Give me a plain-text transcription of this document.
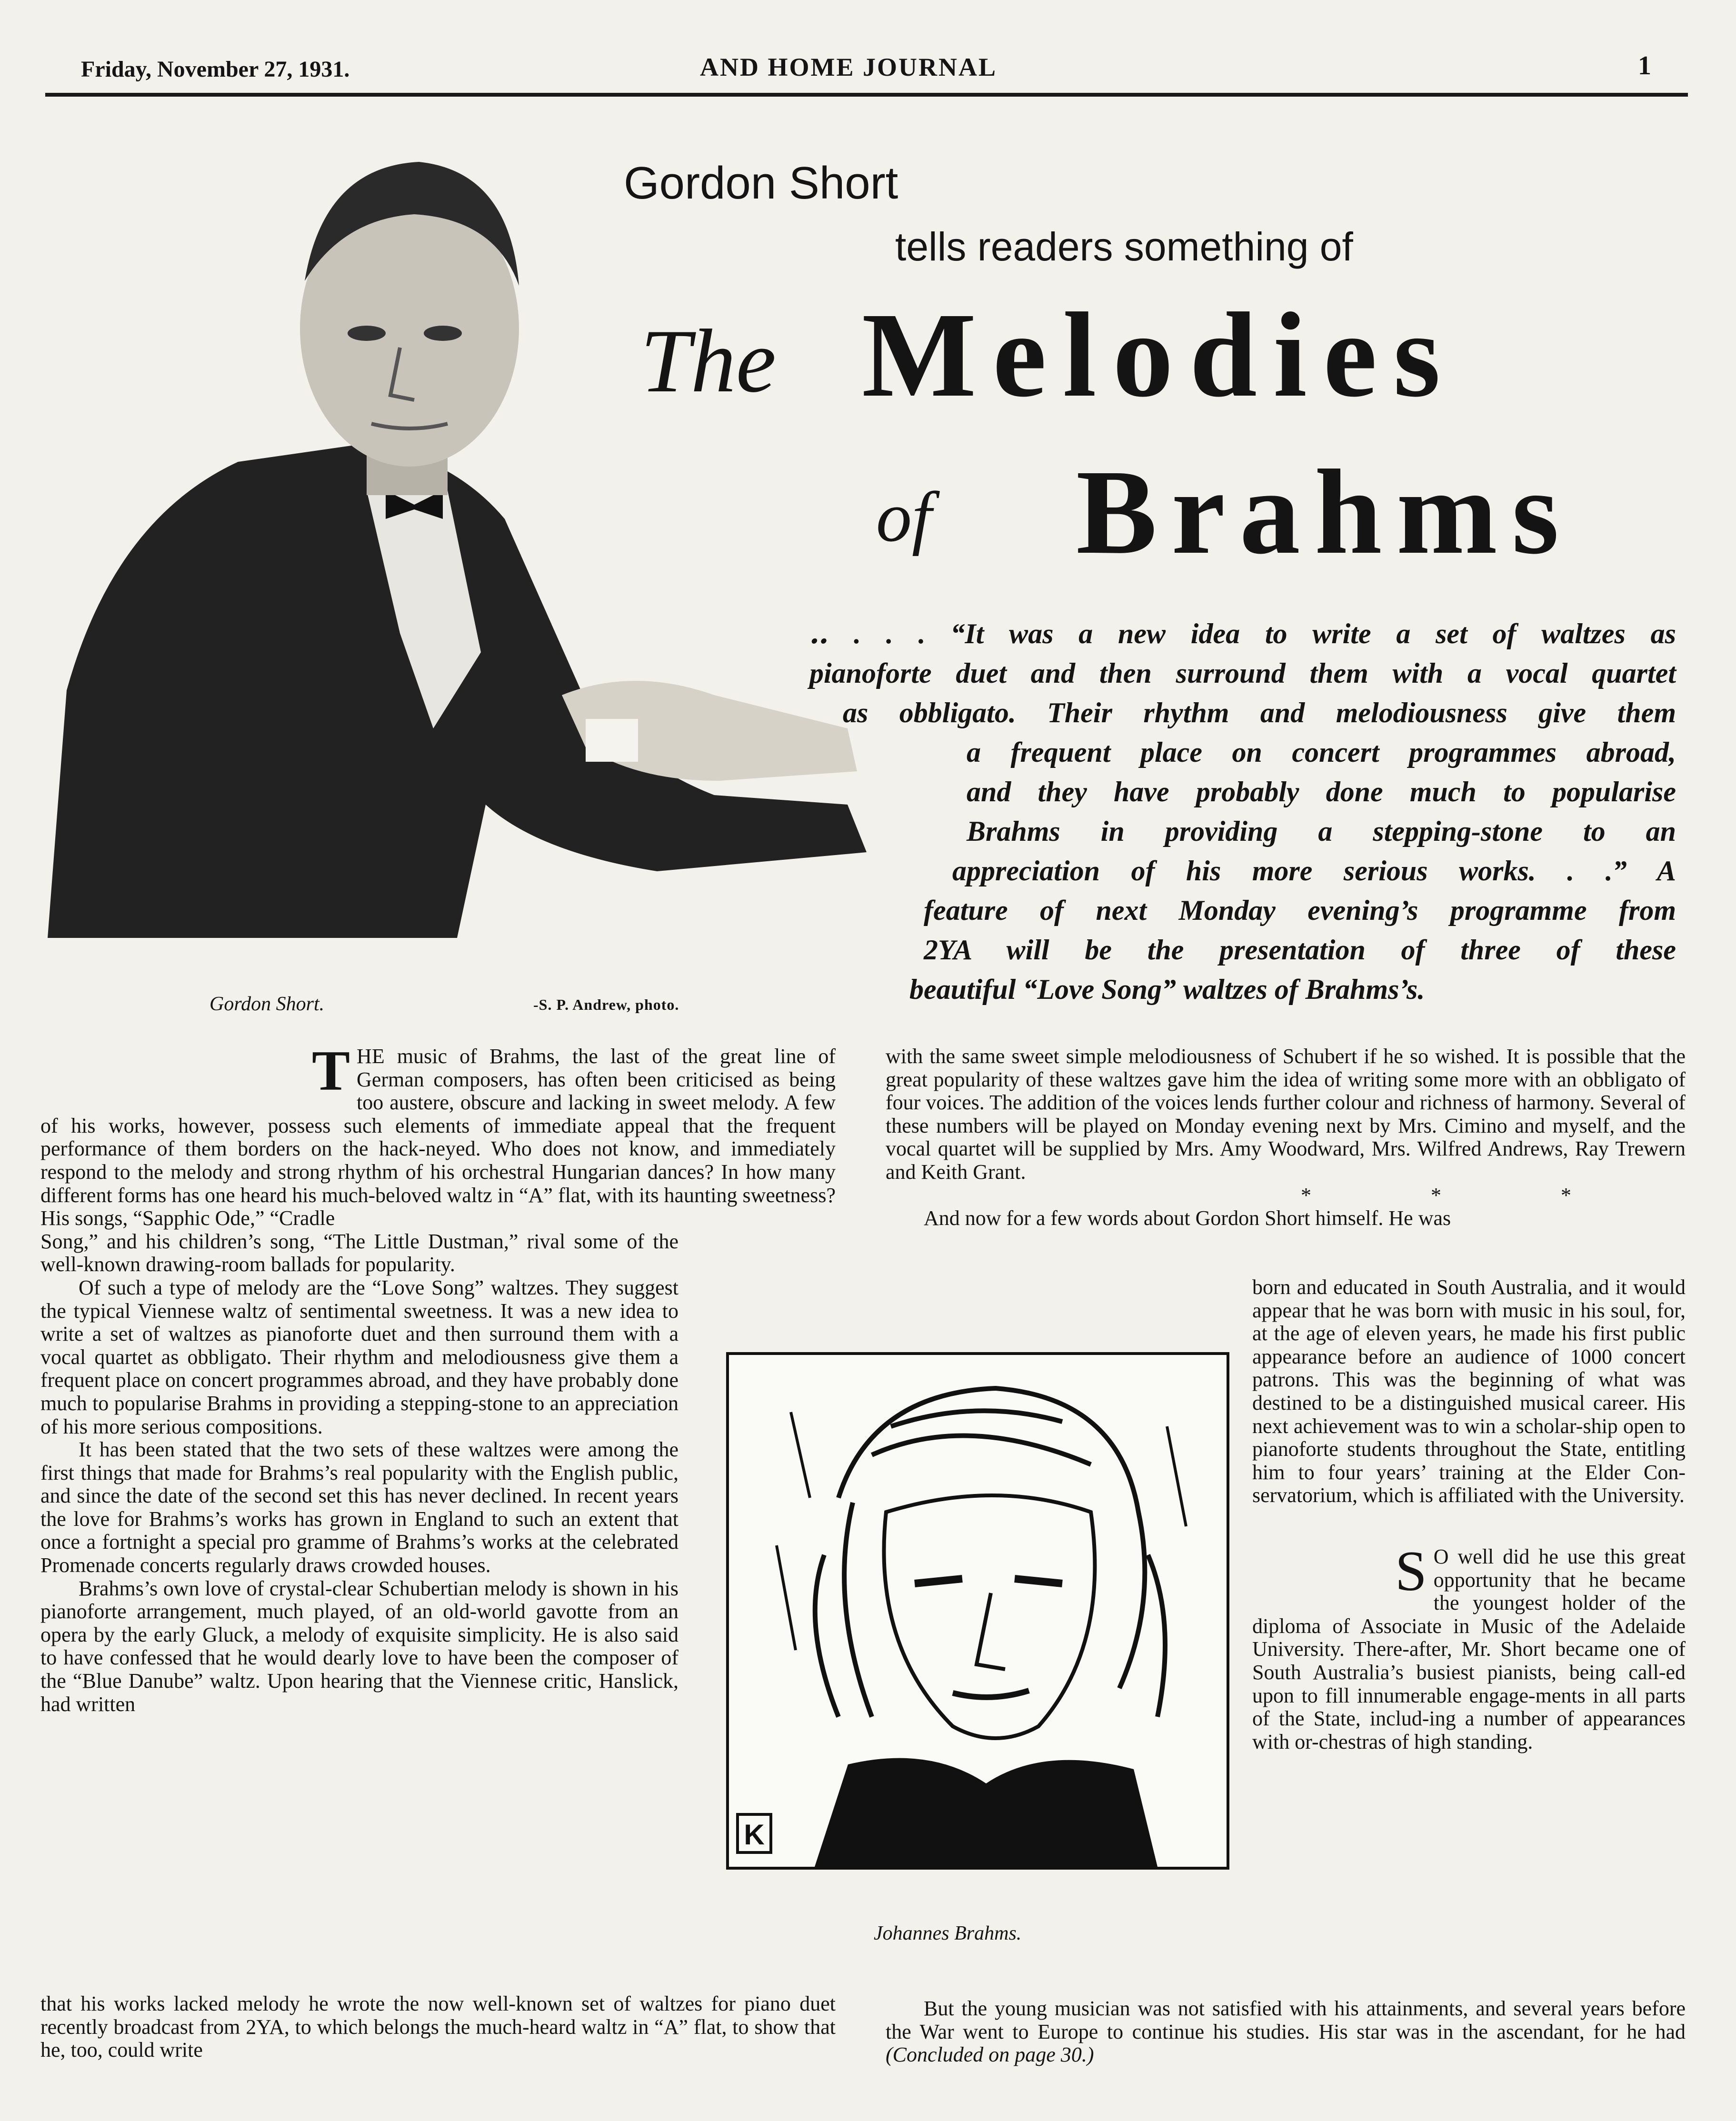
Friday, November 27, 1931.	AND HOME JOURNAL	1
Gordon Short.	-S. P. Andrew, photo.
Gordon Short
tells readers something of
The Melodies
of Brahms
‥ . . . “It was a new idea to write a set of waltzes as
pianoforte duet and then surround them with a vocal quartet
as obbligato. Their rhythm and melodiousness give them
a frequent place on concert programmes abroad,
and they have probably done much to popularise
Brahms in providing a stepping-stone to an
appreciation of his more serious works. . .” A
feature of next Monday evening’s programme from
2YA will be the presentation of three of these
beautiful “Love Song” waltzes of Brahms’s.

THE music of Brahms, the last of the great line of German composers, has often been criticised as being too austere, obscure and lacking in sweet melody. A few of his works, however, possess such elements of immediate appeal that the frequent performance of them borders on the hack-neyed. Who does not know, and immediately respond to the melody and strong rhythm of his orchestral Hungarian dances? In how many different forms has one heard his much-beloved waltz in “A” flat, with its haunting sweetness? His songs, “Sapphic Ode,” “Cradle

Song,” and his children’s song, “The Little Dustman,” rival some of the well-known drawing-room ballads for popularity.

Of such a type of melody are the “Love Song” waltzes. They suggest the typical Viennese waltz of sentimental sweetness. It was a new idea to write a set of waltzes as pianoforte duet and then surround them with a vocal quartet as obbligato. Their rhythm and melodiousness give them a frequent place on concert programmes abroad, and they have probably done much to popularise Brahms in providing a stepping-stone to an appreciation of his more serious compositions.

It has been stated that the two sets of these waltzes were among the first things that made for Brahms’s real popularity with the English public, and since the date of the second set this has never declined. In recent years the love for Brahms’s works has grown in England to such an extent that once a fortnight a special pro gramme of Brahms’s works at the celebrated Promenade concerts regularly draws crowded houses.

Brahms’s own love of crystal-clear Schubertian melody is shown in his pianoforte arrangement, much played, of an old-world gavotte from an opera by the early Gluck, a melody of exquisite simplicity. He is also said to have confessed that he would dearly love to have been the composer of the “Blue Danube” waltz. Upon hearing that the Viennese critic, Hanslick, had written

that his works lacked melody he wrote the now well-known set of waltzes for piano duet recently broadcast from 2YA, to which belongs the much-heard waltz in “A” flat, to show that he, too, could write

with the same sweet simple melodiousness of Schubert if he so wished. It is possible that the great popularity of these waltzes gave him the idea of writing some more with an obbligato of four voices. The addition of the voices lends further colour and richness of harmony. Several of these numbers will be played on Monday evening next by Mrs. Cimino and myself, and the vocal quartet will be supplied by Mrs. Amy Woodward, Mrs. Wilfred Andrews, Ray Trewern and Keith Grant.

* * *

And now for a few words about Gordon Short himself. He was

born and educated in South Australia, and it would appear that he was born with music in his soul, for, at the age of eleven years, he made his first public appearance before an audience of 1000 concert patrons. This was the beginning of what was destined to be a distinguished musical career. His next achievement was to win a scholar-ship open to pianoforte students throughout the State, entitling him to four years’ training at the Elder Con-servatorium, which is affiliated with the University.

S O well did he use this great opportunity that he became the youngest holder of the diploma of Associate in Music of the Adelaide University. There-after, Mr. Short became one of South Australia’s busiest pianists, being call-ed upon to fill innumerable engage-ments in all parts of the State, includ-ing a number of appearances with or-chestras of high standing.

But the young musician was not satisfied with his attainments, and several years before the War went to Europe to continue his studies. His star was in the ascendant, for he had (Concluded on page 30.)

K
Johannes Brahms.
